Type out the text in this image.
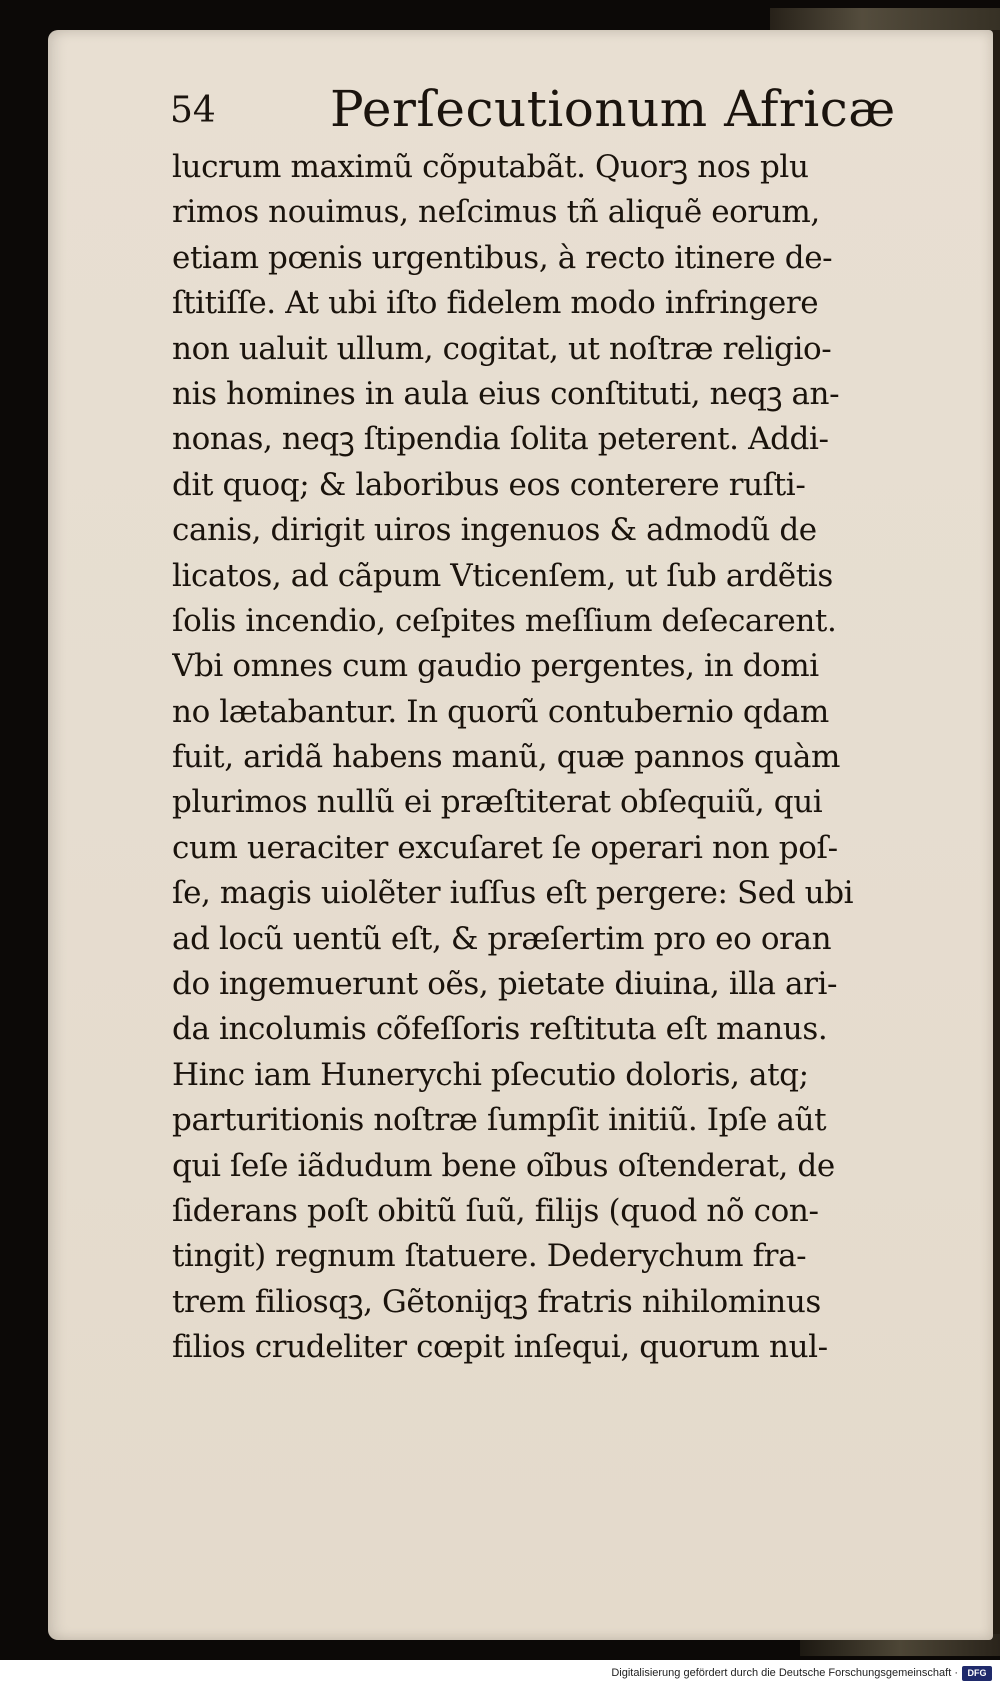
54 Perſecutionum Africæ
lucrum maximũ cõputabãt. Quorꝫ nos plu
rimos nouimus, neſcimus tñ aliquẽ eorum,
etiam pœnis urgentibus, à recto itinere de-
ſtitiſſe. At ubi iſto fidelem modo infringere
non ualuit ullum, cogitat, ut noſtræ religio-
nis homines in aula eius conſtituti, neqꝫ an-
nonas, neqꝫ ſtipendia ſolita peterent. Addi-
dit quoq; & laboribus eos conterere ruſti-
canis, dirigit uiros ingenuos & admodũ de
licatos, ad cãpum Vticenſem, ut ſub ardẽtis
ſolis incendio, ceſpites meſſium deſecarent.
Vbi omnes cum gaudio pergentes, in domi
no lætabantur. In quorũ contubernio qdam
fuit, aridã habens manũ, quæ pannos quàm
plurimos nullũ ei præſtiterat obſequiũ, qui
cum ueraciter excuſaret ſe operari non poſ-
ſe, magis uiolẽter iuſſus eſt pergere: Sed ubi
ad locũ uentũ eſt, & præſertim pro eo oran
do ingemuerunt oẽs, pietate diuina, illa ari-
da incolumis cõfeſſoris reſtituta eſt manus.
Hinc iam Hunerychi pſecutio doloris, atq;
parturitionis noſtræ ſumpſit initiũ. Ipſe aũt
qui ſeſe iãdudum bene oĩbus oſtenderat, de
ſiderans poſt obitũ ſuũ, filijs (quod nõ con-
tingit) regnum ſtatuere. Dederychum fra-
trem filiosqꝫ, Gẽtonijqꝫ fratris nihilominus
filios crudeliter cœpit inſequi, quorum nul-
Digitalisierung gefördert durch die Deutsche Forschungsgemeinschaft ·	DFG
